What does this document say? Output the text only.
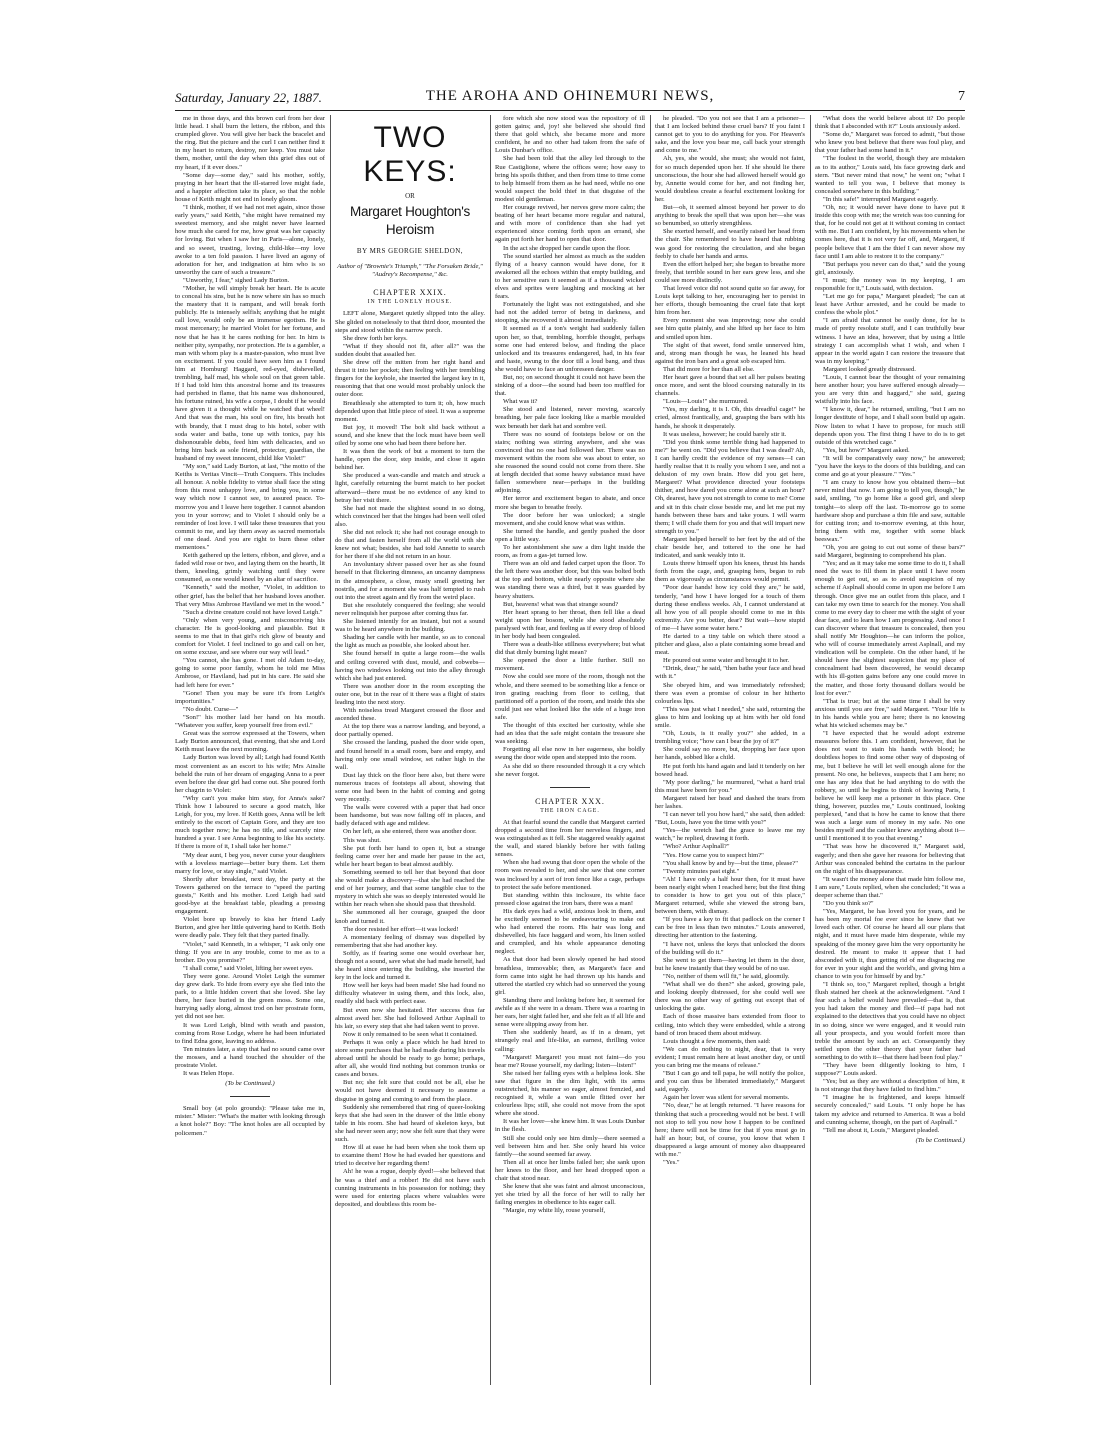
Saturday, January 22, 1887.	THE AROHA AND OHINEMURI NEWS,	7

me in those days, and this brown curl from her dear little head. I shall burn the letters, the ribbon, and this crumpled glove. You will give her back the bracelet and the ring. But the picture and the curl I can neither find it in my heart to return, destroy, nor keep. You must take them, mother, until the day when this grief dies out of my heart, if it ever does."

"Some day—some day," said his mother, softly, praying in her heart that the ill-starred love might fade, and a happier affection take its place, so that the noble house of Keith might not end in lonely gloom.

"I think, mother, if we had not met again, since those early years," said Keith, "she might have remained my sweetest memory, and she might never have learned how much she cared for me, how great was her capacity for loving. But when I saw her in Paris—alone, lonely, and so sweet, trusting, loving, child-like—my love awoke to a ten fold passion. I have lived an agony of adoration for her, and indignation at him who is so unworthy the care of such a treasure."

"Unworthy, I fear," sighed Lady Burton.

"Mother, he will simply break her heart. He is acute to conceal his sins, but he is now where sin has so much the mastery that it is rampant, and will break forth publicly. He is intensely selfish; anything that he might call love, would only be an immense egotism. He is most mercenary; he married Violet for her fortune, and now that he has it he cares nothing for her. In him is neither pity, sympathy, nor protection. He is a gambler, a man with whom play is a master-passion, who must live on excitement. If you could have seen him as I found him at Homburg! Haggard, red-eyed, dishevelled, trembling, half mad, his whole soul on that green table. If I had told him this ancestral home and its treasures had perished in flame, that his name was dishonoured, his fortune ruined, his wife a corpse, I doubt if he would have given it a thought while he watched that wheel! And that was the man, his soul on fire, his breath hot with brandy, that I must drag to his hotel, sober with soda water and baths, tone up with tonics, pay his dishonourable debts, feed him with delicacies, and so bring him back as sole friend, protector, guardian, the husband of my sweet innocent, child like Violet!"

"My son," said Lady Burton, at last, "the motto of the Keiths is Veritas Vincit—Truth Conquers. This includes all honour. A noble fidelity to virtue shall face the sting from this most unhappy love, and bring you, in some way which now I cannot see, to assured peace. To-morrow you and I leave here together. I cannot abandon you in your sorrow; and to Violet I should only be a reminder of lost love. I will take these treasures that you commit to me, and lay them away as sacred memorials of one dead. And you are right to burn these other mementoes."

Keith gathered up the letters, ribbon, and glove, and a faded wild rose or two, and laying them on the hearth, lit them, kneeling, grimly watching until they were consumed, as one would kneel by an altar of sacrifice.

"Kenneth," said the mother, "Violet, in addition to other grief, has the belief that her husband loves another. That very Miss Ambrose Haviland we met in the wood."

"Such a divine creature could not have loved Leigh."

"Only when very young, and misconceiving his character. He is good-looking and plausible. But it seems to me that in that girl's rich glow of beauty and comfort for Violet. I feel inclined to go and call on her, on some excuse, and see where our way will lead."

"You cannot, she has gone. I met old Adam to-day, going to some poor family, whom he told me Miss Ambrose, or Haviland, had put in his care. He said she had left here for ever."

"Gone! Then you may be sure it's from Leigh's importunities."

"No doubt. Curse—"

"Son!" his mother laid her hand on his mouth. "Whatever you suffer, keep yourself free from evil."

Great was the sorrow expressed at the Towers, when Lady Burton announced, that evening, that she and Lord Keith must leave the next morning.

Lady Burton was loved by all; Leigh had found Keith most convenient as an escort to his wife; Mrs Ainslie beheld the ruin of her dream of engaging Anna to a peer even before the dear girl had come out. She poured forth her chagrin to Violet:

"Why can't you make him stay, for Anna's sake? Think how I laboured to secure a good match, like Leigh, for you, my love. If Keith goes, Anna will be left entirely to the escort of Captain Gore, and they are too much together now; he has no title, and scarcely nine hundred a year. I see Anna beginning to like his society. If there is more of it, I shall take her home."

"My dear aunt, I beg you, never curse your daughters with a loveless marriage—better bury them. Let them marry for love, or stay single," said Violet.

Shortly after breakfast, next day, the party at the Towers gathered on the terrace to "speed the parting guests," Keith and his mother. Lord Leigh had said good-bye at the breakfast table, pleading a pressing engagement.

Violet bore up bravely to kiss her friend Lady Burton, and give her little quivering hand to Keith. Both were deadly pale. They felt that they parted finally.

"Violet," said Kenneth, in a whisper, "I ask only one thing: If you are in any trouble, come to me as to a brother. Do you promise?"

"I shall come," said Violet, lifting her sweet eyes.

They were gone. Around Violet Leigh the summer day grew dark. To hide from every eye she fled into the park, to a little hidden covert that she loved. She lay there, her face buried in the green moss. Some one, hurrying sadly along, almost trod on her prostrate form, yet did not see her.

It was Lord Leigh, blind with wrath and passion, coming from Rose Lodge, where he had been infuriated to find Edna gone, leaving no address.

Ten minutes later, a step that had no sound came over the mosses, and a hand touched the shoulder of the prostrate Violet.

It was Helen Hope.

(To be Continued.)

Small boy (at polo grounds): "Please take me in, mister." Mister: "What's the matter with looking through a knot hole?" Boy: "The knot holes are all occupied by policemen."

TWO KEYS:
OR
Margaret Houghton's Heroism
BY MRS GEORGIE SHELDON,
Author of "Brownie's Triumph," "The Forsaken Bride," "Audrey's Recompense," &c.
CHAPTER XXIX.
IN THE LONELY HOUSE.

LEFT alone, Margaret quietly slipped into the alley. She glided on noiselessly to that third door, mounted the steps and stood within the narrow porch.

She drew forth her keys.

"What if they should not fit, after all?" was the sudden doubt that assailed her.

She drew off the mitten from her right hand and thrust it into her pocket; then feeling with her trembling fingers for the keyhole, she inserted the largest key in it, reasoning that that one would most probably unlock the outer door.

Breathlessly she attempted to turn it; oh, how much depended upon that little piece of steel. It was a supreme moment.

But joy, it moved! The bolt slid back without a sound, and she knew that the lock must have been well oiled by some one who had been there before her.

It was then the work of but a moment to turn the handle, open the door, step inside, and close it again behind her.

She produced a wax-candle and match and struck a light, carefully returning the burnt match to her pocket afterward—there must be no evidence of any kind to betray her visit there.

She had not made the slightest sound in so doing, which convinced her that the hinges had been well oiled also.

She did not relock it; she had not courage enough to do that and fasten herself from all the world with she knew not what; besides, she had told Annette to search for her there if she did not return in an hour.

An involuntary shiver passed over her as she found herself in that flickering dimness, an uncanny dampness in the atmosphere, a close, musty smell greeting her nostrils, and for a moment she was half tempted to rush out into the street again and fly from the weird place.

But she resolutely conquered the feeling; she would never relinquish her purpose after coming thus far.

She listened intently for an instant, but not a sound was to be heard anywhere in the building.

Shading her candle with her mantle, so as to conceal the light as much as possible, she looked about her.

She found herself in quite a large room—the walls and ceiling covered with dust, mould, and cobwebs—having two windows looking out into the alley through which she had just entered.

There was another door in the room excepting the outer one, but in the rear of it there was a flight of stairs leading into the next story.

With noiseless tread Margaret crossed the floor and ascended these.

At the top there was a narrow landing, and beyond, a door partially opened.

She crossed the landing, pushed the door wide open, and found herself in a small room, bare and empty, and having only one small window, set rather high in the wall.

Dust lay thick on the floor here also, but there were numerous traces of footsteps all about, showing that some one had been in the habit of coming and going very recently.

The walls were covered with a paper that had once been handsome, but was now falling off in places, and badly defaced with age and mildew.

On her left, as she entered, there was another door.

This was shut.

She put forth her hand to open it, but a strange feeling came over her and made her pause in the act, while her heart began to beat almost audibly.

Something seemed to tell her that beyond that door she would make a discovery—that she had reached the end of her journey, and that some tangible clue to the mystery in which she was so deeply interested would lie within her reach when she should pass that threshold.

She summoned all her courage, grasped the door knob and turned it.

The door resisted her effort—it was locked!

A momentary feeling of dismay was dispelled by remembering that she had another key.

Softly, as if fearing some one would overhear her, though not a sound, save what she had made herself, had she heard since entering the building, she inserted the key in the lock and turned it.

How well her keys had been made! She had found no difficulty whatever in using them, and this lock, also, readily slid back with perfect ease.

But even now she hesitated. Her success thus far almost awed her. She had followed Arthur Asplnall to his lair, so every step that she had taken went to prove.

Now it only remained to be seen what it contained.

Perhaps it was only a place which he had hired to store some purchases that he had made during his travels abroad until he should be ready to go home; perhaps, after all, she would find nothing but common trunks or cases and boxes.

But no; she felt sure that could not be all, else he would not have deemed it necessary to assume a disguise in going and coming to and from the place.

Suddenly she remembered that ring of queer-looking keys that she had seen in the drawer of the little ebony table in his room. She had heard of skeleton keys, but she had never seen any; now she felt sure that they were such.

How ill at ease he had been when she took them up to examine them! How he had evaded her questions and tried to deceive her regarding them!

Ah! he was a rogue, deeply dyed!—she believed that he was a thief and a robber! He did not have such cunning instruments in his possession for nothing; they were used for entering places where valuables were deposited, and doubtless this room be-

fore which she now stood was the repository of ill gotten gains; and, joy! she believed she should find there that gold which, she became more and more confident, he and no other had taken from the safe of Louis Dunbar's office.

She had been told that the alley led through to the Rue Castiglione, where the offices were; how easy to bring his spoils thither, and then from time to time come to help himself from them as he had need, while no one would suspect the bold thief in that disguise of the modest old gentleman.

Her courage revived, her nerves grew more calm; the beating of her heart became more regular and natural, and with more of confidence than she had yet experienced since coming forth upon an errand, she again put forth her hand to open that door.

In the act she dropped her candle upon the floor.

The sound startled her almost as much as the sudden flying of a heavy cannon would have done, for it awakened all the echoes within that empty building, and to her sensitive ears it seemed as if a thousand wicked elves and sprites were laughing and mocking at her fears.

Fortunately the light was not extinguished, and she had not the added terror of being in darkness, and stooping, she recovered it almost immediately.

It seemed as if a ton's weight had suddenly fallen upon her, so that, trembling, horrible thought, perhaps some one had entered below, and finding the place unlocked and its treasures endangered, had, in his fear and haste, swung to the door till a loud bang, and thus she would have to face an unforeseen danger.

But, no; on second thought it could not have been the sinking of a door—the sound had been too muffled for that.

What was it?

She stood and listened, never moving, scarcely breathing, her pale face looking like a marble moulded wax beneath her dark hat and sombre veil.

There was no sound of footsteps below or on the stairs; nothing was stirring anywhere, and she was convinced that no one had followed her. There was no movement within the room she was about to enter, so she reasoned the sound could not come from there. She at length decided that some heavy substance must have fallen somewhere near—perhaps in the building adjoining.

Her terror and excitement began to abate, and once more she began to breathe freely.

The door before her was unlocked; a single movement, and she could know what was within.

She turned the handle, and gently pushed the door open a little way.

To her astonishment she saw a dim light inside the room, as from a gas-jet turned low.

There was an old and faded carpet upon the floor. To the left there was another door, but this was bolted both at the top and bottom, while nearly opposite where she was standing there was a third, but it was guarded by heavy shutters.

But, heavens! what was that strange sound?

Her heart sprang to her throat, then fell like a dead weight upon her bosom, while she stood absolutely paralysed with fear, and feeling as if every drop of blood in her body had been congealed.

There was a death-like stillness everywhere; but what did that dimly burning light mean?

She opened the door a little further. Still no movement.

Now she could see more of the room, though not the whole, and there seemed to be something like a fence or iron grating reaching from floor to ceiling, that partitioned off a portion of the room, and inside this she could just see what looked like the side of a huge iron safe.

The thought of this excited her curiosity, while she had an idea that the safe might contain the treasure she was seeking.

Forgetting all else now in her eagerness, she boldly swung the door wide open and stepped into the room.

As she did so there resounded through it a cry which she never forgot.

CHAPTER XXX.
THE IRON CAGE.

At that fearful sound the candle that Margaret carried dropped a second time from her nerveless fingers, and was extinguished as it fell. She staggered weakly against the wall, and stared blankly before her with failing senses.

When she had swung that door open the whole of the room was revealed to her, and she saw that one corner was inclosed by a sort of iron fence like a cage, perhaps to protect the safe before mentioned.

But standing within this inclosure, its white face pressed close against the iron bars, there was a man!

His dark eyes had a wild, anxious look in them, and he excitedly seemed to be endeavouring to make out who had entered the room. His hair was long and dishevelled, his face haggard and worn, his linen soiled and crumpled, and his whole appearance denoting neglect.

As that door had been slowly opened he had stood breathless, immovable; then, as Margaret's face and form came into sight he had thrown up his hands and uttered the startled cry which had so unnerved the young girl.

Standing there and looking before her, it seemed for awhile as if she were in a dream. There was a roaring in her ears, her sight failed her, and she felt as if all life and sense were slipping away from her.

Then she suddenly heard, as if in a dream, yet strangely real and life-like, an earnest, thrilling voice calling:

"Margaret! Margaret! you must not faint—do you hear me? Rouse yourself, my darling; listen—listen!"

She raised her falling eyes with a helpless look. She saw that figure in the dim light, with its arms outstretched, his manner so eager, almost frenzied, and recognised it, while a wan smile flitted over her colourless lips; still, she could not move from the spot where she stood.

It was her lover—she knew him. It was Louis Dunbar in the flesh.

Still she could only see him dimly—there seemed a veil between him and her. She only heard his voice faintly—the sound seemed far away.

Then all at once her limbs failed her; she sank upon her knees to the floor, and her head dropped upon a chair that stood near.

She knew that she was faint and almost unconscious, yet she tried by all the force of her will to rally her failing energies in obedience to his eager call.

"Margie, my white lily, rouse yourself,

he pleaded. "Do you not see that I am a prisoner—that I am locked behind these cruel bars? If you faint I cannot get to you to do anything for you. For Heaven's sake, and the love you bear me, call back your strength and come to me."

Ah, yes, she would, she must; she would not faint, for so much depended upon her. If she should lie there unconscious, the hour she had allowed herself would go by, Annette would come for her, and not finding her, would doubtless create a fearful excitement looking for her.

But—oh, it seemed almost beyond her power to do anything to break the spell that was upon her—she was so benumbed, so utterly strengthless.

She exerted herself, and wearily raised her head from the chair. She remembered to have heard that rubbing was good for restoring the circulation, and she began feebly to chafe her hands and arms.

Even the effort helped her; she began to breathe more freely, that terrible sound in her ears grew less, and she could see more distinctly.

That loved voice did not sound quite so far away, for Louis kept talking to her, encouraging her to persist in her efforts, though bemoaning the cruel fate that kept him from her.

Every moment she was improving; now she could see him quite plainly, and she lifted up her face to him and smiled upon him.

The sight of that sweet, fond smile unnerved him, and, strong man though he was, he leaned his head against the iron bars and a great sob escaped him.

That did more for her than all else.

Her heart gave a bound that set all her pulses beating once more, and sent the blood coursing naturally in its channels.

"Louis—Louis!" she murmured.

"Yes, my darling, it is I. Oh, this dreadful cage!" he cried, almost frantically, and, grasping the bars with his hands, he shook it desperately.

It was useless, however; he could barely stir it.

"Did you think some terrible thing had happened to me?" he went on. "Did you believe that I was dead? Ah, I can hardly credit the evidence of my senses—I can hardly realise that it is really you whom I see, and not a delusion of my own brain. How did you get here, Margaret? What providence directed your footsteps thither, and how dared you come alone at such an hour? Oh, dearest, have you not strength to come to me? Come and sit in this chair close beside me, and let me put my hands between these bars and take yours. I will warm them; I will chafe them for you and that will impart new strength to you."

Margaret helped herself to her feet by the aid of the chair beside her, and tottered to the one he had indicated, and sank weakly into it.

Louis threw himself upon his knees, thrust his hands forth from the cage, and, grasping hers, began to rub them as vigorously as circumstances would permit.

"Poor dear hands! how icy cold they are," he said, tenderly, "and how I have longed for a touch of them during these endless weeks. Ah, I cannot understand at all how you of all people should come to me in this extremity. Are you better, dear? But wait—how stupid of me—I have some water here."

He darted to a tiny table on which there stood a pitcher and glass, also a plate containing some bread and meat.

He poured out some water and brought it to her.

"Drink, dear," he said, "then bathe your face and head with it."

She obeyed him, and was immediately refreshed; there was even a promise of colour in her hitherto colourless lips.

"This was just what I needed," she said, returning the glass to him and looking up at him with her old fond smile.

"Oh, Louis, is it really you?" she added, in a trembling voice; "how can I bear the joy of it?"

She could say no more, but, dropping her face upon her hands, sobbed like a child.

He put forth his hand again and laid it tenderly on her bowed head.

"My poor darling," he murmured, "what a hard trial this must have been for you."

Margaret raised her head and dashed the tears from her lashes.

"I can never tell you how hard," she said, then added: "But, Louis, have you the time with you?"

"Yes—the wretch had the grace to leave me my watch," he replied, drawing it forth.

"Who? Arthur Asplnall?"

"Yes. How came you to suspect him?"

"You shall know by and by—but the time, please?"

"Twenty minutes past eight."

"Ah! I have only a half hour then, for it must have been nearly eight when I reached here; but the first thing to consider is how to get you out of this place," Margaret returned, while she viewed the strong bars, between them, with dismay.

"If you have a key to fit that padlock on the corner I can be free in less than two minutes." Louis answered, directing her attention to the fastening.

"I have not, unless the keys that unlocked the doors of the building will do it."

She went to get them—having let them in the door, but he knew instantly that they would be of no use.

"No, neither of them will fit," he said, gloomily.

"What shall we do then?" she asked, growing pale, and looking deeply distressed, for she could well see there was no other way of getting out except that of unlocking the gate.

Each of those massive bars extended from floor to ceiling, into which they were embedded, while a strong band of iron braced them about midway.

Louis thought a few moments, then said:

"We can do nothing to night, dear, that is very evident; I must remain here at least another day, or until you can bring me the means of release."

"But I can go and tell papa, he will notify the police, and you can thus be liberated immediately," Margaret said, eagerly.

Again her lover was silent for several moments.

"No, dear," he at length returned. "I have reasons for thinking that such a proceeding would not be best. I will not stop to tell you now how I happen to be confined here; there will not be time for that if you must go in half an hour; but, of course, you know that when I disappeared a large amount of money also disappeared with me."

"Yes."

"What does the world believe about it? Do people think that I absconded with it?" Louis anxiously asked.

"Some do," Margaret was forced to admit, "but those who knew you best believe that there was foul play, and that your father had some hand in it."

"The foulest in the world, though they are mistaken as to its author," Louis said, his face growing dark and stern. "But never mind that now," he went on; "what I wanted to tell you was, I believe that money is concealed somewhere in this building."

"In this safe!" interrupted Margaret eagerly.

"Oh, no; it would never have done to have put it inside this coop with me; the wretch was too cunning for that, for he could not get at it without coming in contact with me. But I am confident, by his movements when he comes here, that it is not very far off, and, Margaret, if people believe that I am the thief I can never show my face until I am able to restore it to the company."

"But perhaps you never can do that," said the young girl, anxiously.

"I must; the money was in my keeping, I am responsible for it," Louis said, with decision.

"Let me go for papa," Margaret pleaded; "he can at least have Arthur arrested, and he could be made to confess the whole plot."

"I am afraid that cannot be easily done, for he is made of pretty resolute stuff, and I can truthfully bear witness. I have an idea, however, that by using a little strategy I can accomplish what I wish, and when I appear in the world again I can restore the treasure that was in my keeping."

Margaret looked greatly distressed.

"Louis, I cannot bear the thought of your remaining here another hour; you have suffered enough already—you are very thin and haggard," she said, gazing wistfully into his face.

"I know it, dear," he returned, smiling, "but I am no longer destitute of hope, and I shall soon build up again. Now listen to what I have to propose, for much still depends upon you. The first thing I have to do is to get outside of this wretched cage."

"Yes, but how?" Margaret asked.

"It will be comparatively easy now," he answered; "you have the keys to the doors of this building, and can come and go at your pleasure." "Yes."

"I am crazy to know how you obtained them—but never mind that now. I am going to tell you, though," he said, smiling, "to go home like a good girl, and sleep tonight—to sleep off the last. To-morrow go to some hardware shop and purchase a thin file and saw, suitable for cutting iron; and to-morrow evening, at this hour, bring them with me, together with some black beeswax."

"Oh, you are going to cut out some of these bars?" said Margaret, beginning to comprehend his plan.

"Yes; and as it may take me some time to do it, I shall need the wax to fill them in place until I have room enough to get out, so as to avoid suspicion of my scheme if Asplnall should come in upon me before I am through. Once give me an outlet from this place, and I can take my own time to search for the money. You shall come to me every day to cheer me with the sight of your dear face, and to learn how I am progressing. And once I can discover where that treasure is concealed, then you shall notify Mr Houghton—he can inform the police, who will of course immediately arrest Asplnall, and my vindication will be complete. On the other hand, if he should have the slightest suspicion that my place of concealment had been discovered, he would decamp with his ill-gotten gains before any one could move in the matter, and those forty thousand dollars would be lost for ever."

"That is true; but at the same time I shall be very anxious until you are free," said Margaret. "Your life is in his hands while you are here; there is no knowing what his wicked schemes may be."

"I have expected that he would adopt extreme measures before this. I am confident, however, that he does not want to stain his hands with blood; he doubtless hopes to find some other way of disposing of me, but I believe he will let well enough alone for the present. No one, he believes, suspects that I am here; no one has any idea that he had anything to do with the robbery, so until he begins to think of leaving Paris, I believe he will keep me a prisoner in this place. One thing, however, puzzles me," Louis continued, looking perplexed, "and that is how he came to know that there was such a large sum of money in my safe. No one besides myself and the cashier knew anything about it—until I mentioned it to you that evening."

"That was how he discovered it," Margaret said, eagerly; and then she gave her reasons for believing that Arthur was concealed behind the curtains in the parlour on the night of his disappearance.

"It wasn't the money alone that made him follow me, I am sure," Louis replied, when she concluded; "it was a deeper scheme than that."

"Do you think so?"

"Yes, Margaret, he has loved you for years, and he has been my mortal foe ever since he knew that we loved each other. Of course he heard all our plans that night, and it must have made him desperate, while my speaking of the money gave him the very opportunity he desired. He meant to make it appear that I had absconded with it, thus getting rid of me disgracing me for ever in your sight and the world's, and giving him a chance to win you for himself by and by."

"I think so, too," Margaret replied, though a bright flush stained her cheek at the acknowledgment. "And I fear such a belief would have prevailed—that is, that you had taken the money and fled—if papa had not explained to the detectives that you could have no object in so doing, since we were engaged, and it would ruin all your prospects, and you would forfeit more than treble the amount by such an act. Consequently they settled upon the other theory that your father had something to do with it—that there had been foul play."

"They have been diligently looking to him, I suppose?" Louis asked.

"Yes; but as they are without a description of him, it is not strange that they have failed to find him."

"I imagine he is frightened, and keeps himself securely concealed," said Louis. "I only hope he has taken my advice and returned to America. It was a bold and cunning scheme, though, on the part of Asplnall."

"Tell me about it, Louis," Margaret pleaded.

(To be Continued.)
